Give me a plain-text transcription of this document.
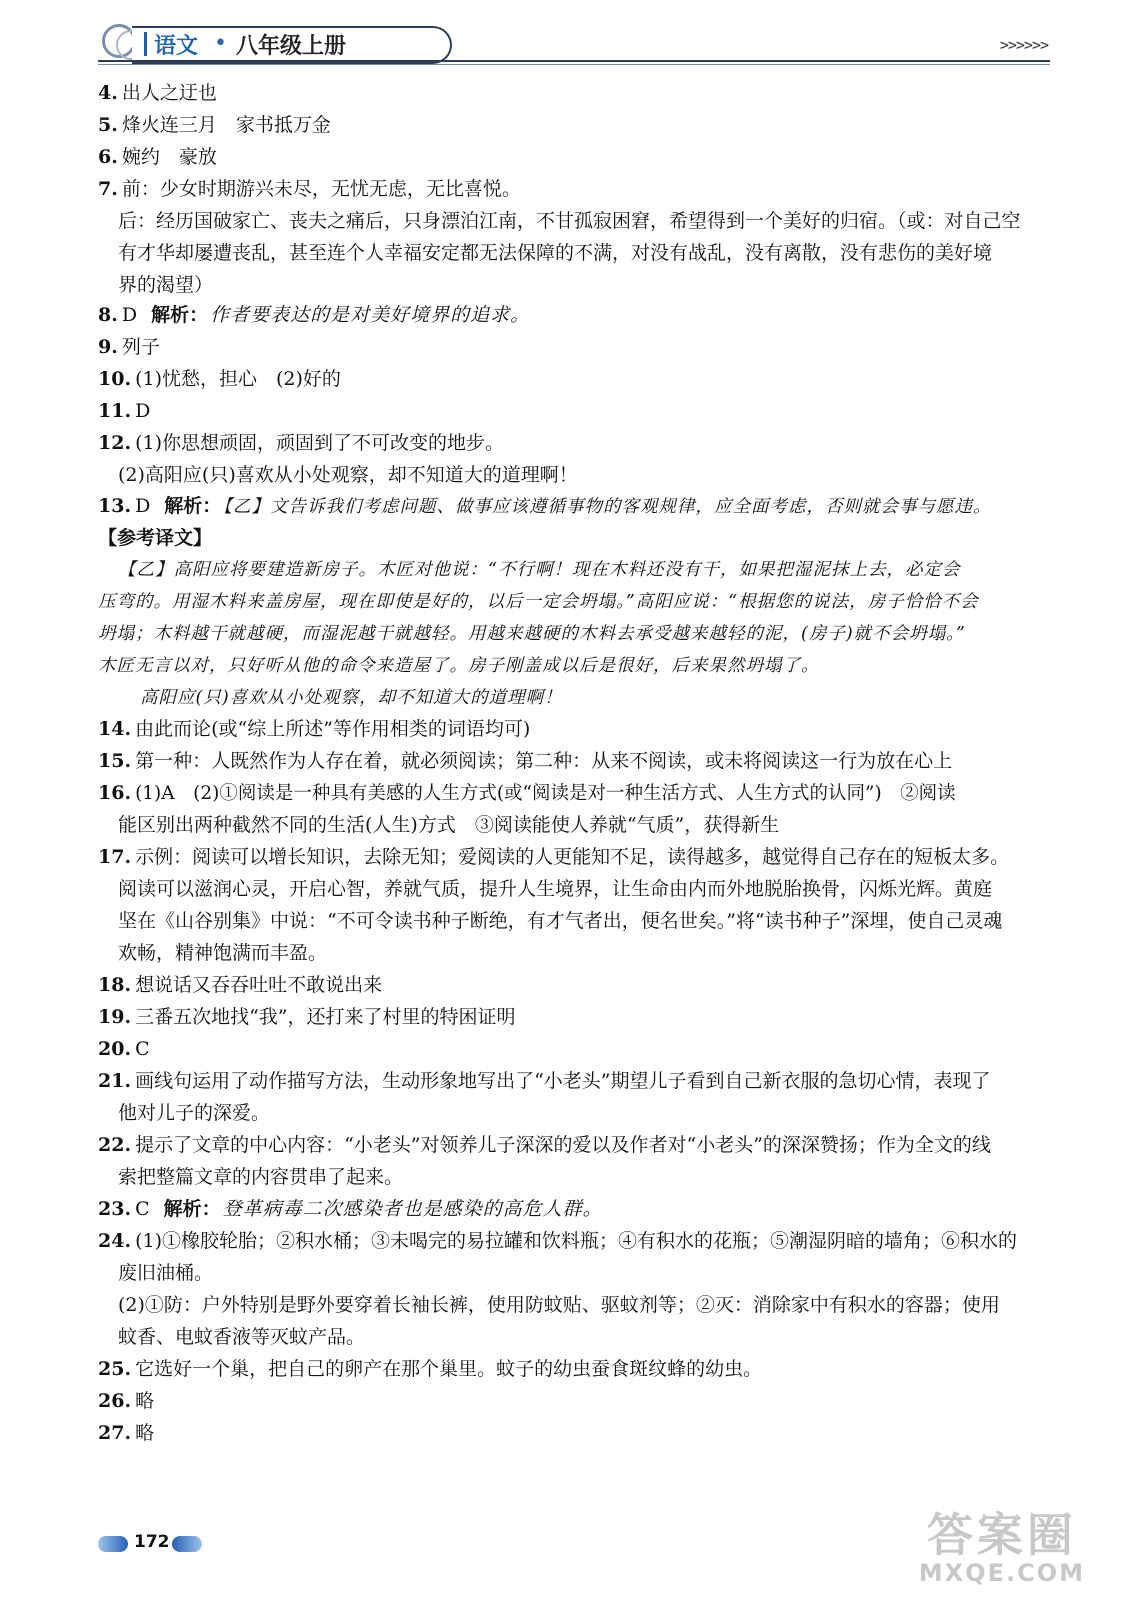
语文 • 八年级上册	>>>>>>
4. 出人之迂也
5. 烽火连三月　家书抵万金
6. 婉约　豪放
7. 前：少女时期游兴未尽，无忧无虑，无比喜悦。
后：经历国破家亡、丧夫之痛后，只身漂泊江南，不甘孤寂困窘，希望得到一个美好的归宿。（或：对自己空
有才华却屡遭丧乱，甚至连个人幸福安定都无法保障的不满，对没有战乱，没有离散，没有悲伤的美好境
界的渴望）
8. D 解析： 作者要表达的是对美好境界的追求。
9. 列子
10. (1)忧愁，担心　(2)好的
11. D
12. (1)你思想顽固，顽固到了不可改变的地步。
(2)高阳应(只)喜欢从小处观察，却不知道大的道理啊！
13. D 解析： 【乙】文告诉我们考虑问题、做事应该遵循事物的客观规律，应全面考虑，否则就会事与愿违。
【参考译文】
【乙】高阳应将要建造新房子。木匠对他说：“不行啊！现在木料还没有干，如果把湿泥抹上去，必定会
压弯的。用湿木料来盖房屋，现在即使是好的，以后一定会坍塌。”高阳应说：“根据您的说法，房子恰恰不会
坍塌；木料越干就越硬，而湿泥越干就越轻。用越来越硬的木料去承受越来越轻的泥，(房子)就不会坍塌。”
木匠无言以对，只好听从他的命令来造屋了。房子刚盖成以后是很好，后来果然坍塌了。
高阳应(只)喜欢从小处观察，却不知道大的道理啊！
14. 由此而论(或“综上所述”等作用相类的词语均可)
15. 第一种：人既然作为人存在着，就必须阅读；第二种：从来不阅读，或未将阅读这一行为放在心上
16. (1)A　(2)①阅读是一种具有美感的人生方式(或“阅读是对一种生活方式、人生方式的认同”)　②阅读
能区别出两种截然不同的生活(人生)方式　③阅读能使人养就“气质”，获得新生
17. 示例：阅读可以增长知识，去除无知；爱阅读的人更能知不足，读得越多，越觉得自己存在的短板太多。
阅读可以滋润心灵，开启心智，养就气质，提升人生境界，让生命由内而外地脱胎换骨，闪烁光辉。黄庭
坚在《山谷别集》中说：“不可令读书种子断绝，有才气者出，便名世矣。”将“读书种子”深埋，使自己灵魂
欢畅，精神饱满而丰盈。
18. 想说话又吞吞吐吐不敢说出来
19. 三番五次地找“我”，还打来了村里的特困证明
20. C
21. 画线句运用了动作描写方法，生动形象地写出了“小老头”期望儿子看到自己新衣服的急切心情，表现了
他对儿子的深爱。
22. 提示了文章的中心内容：“小老头”对领养儿子深深的爱以及作者对“小老头”的深深赞扬；作为全文的线
索把整篇文章的内容贯串了起来。
23. C 解析： 登革病毒二次感染者也是感染的高危人群。
24. (1)①橡胶轮胎；②积水桶；③未喝完的易拉罐和饮料瓶；④有积水的花瓶；⑤潮湿阴暗的墙角；⑥积水的
废旧油桶。
(2)①防：户外特别是野外要穿着长袖长裤，使用防蚊贴、驱蚊剂等；②灭：消除家中有积水的容器；使用
蚊香、电蚊香液等灭蚊产品。
25. 它选好一个巢，把自己的卵产在那个巢里。蚊子的幼虫蚕食斑纹蜂的幼虫。
26. 略
27. 略
172	答案圈
MXQE.COM
